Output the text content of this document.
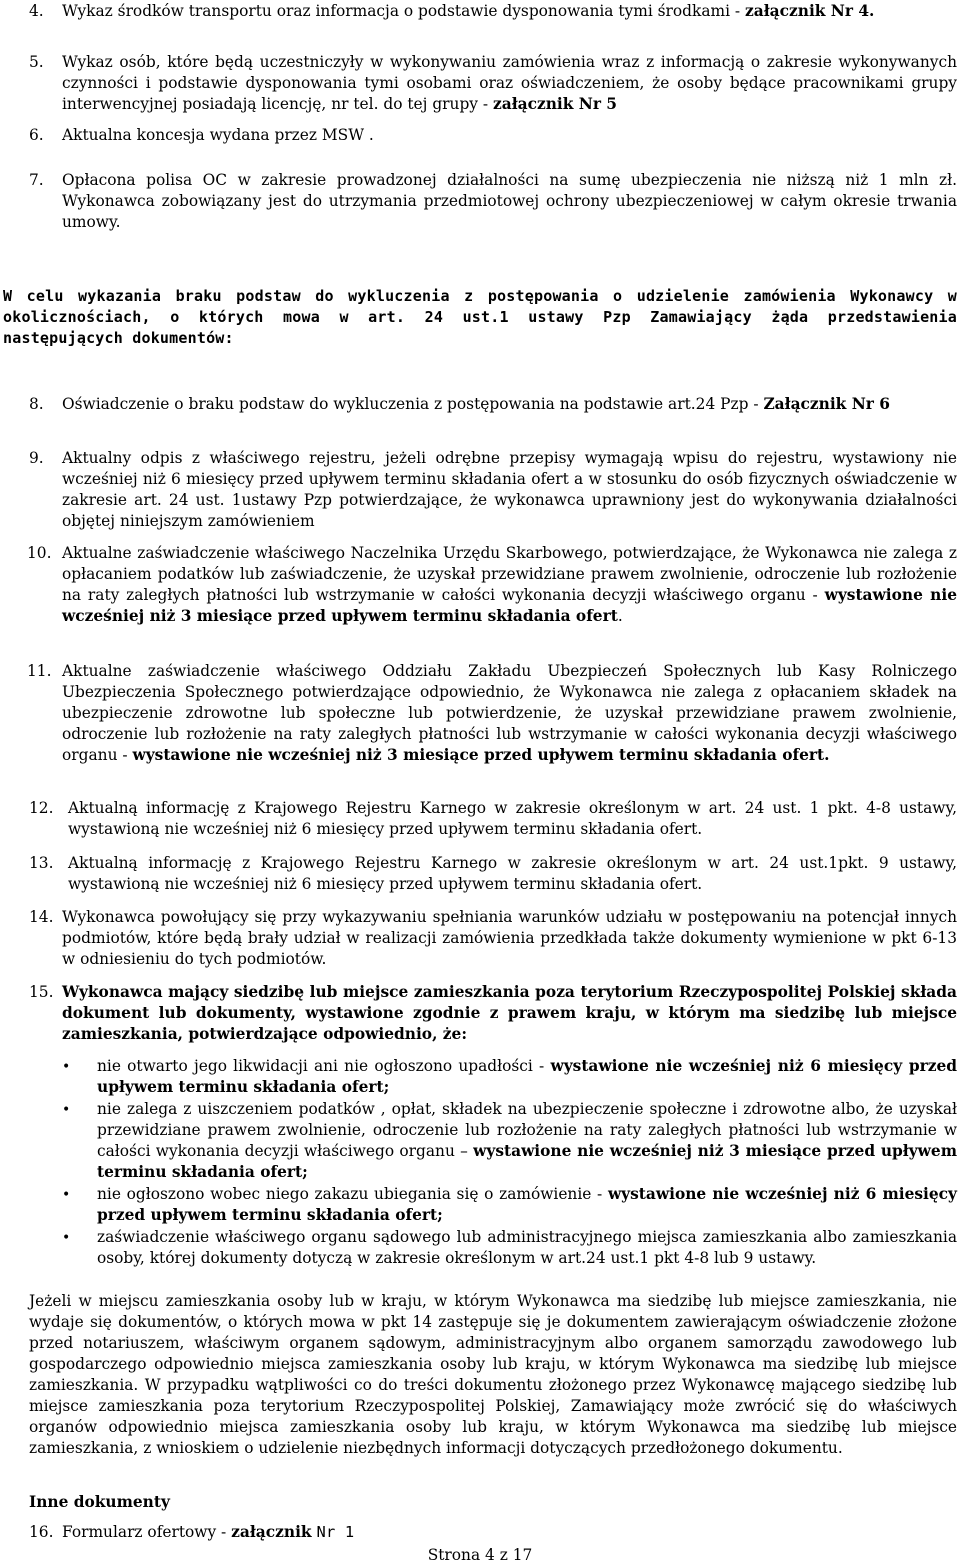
4. Wykaz środków transportu oraz informacja o podstawie dysponowania tymi środkami - załącznik Nr 4.
5. Wykaz osób, które będą uczestniczyły w wykonywaniu zamówienia wraz z informacją o zakresie wykonywanych czynności i podstawie dysponowania tymi osobami oraz oświadczeniem, że osoby będące pracownikami grupy interwencyjnej posiadają licencję, nr tel. do tej grupy - załącznik Nr 5
6. Aktualna koncesja wydana przez MSW .
7. Opłacona polisa OC w zakresie prowadzonej działalności na sumę ubezpieczenia nie niższą niż 1 mln zł. Wykonawca zobowiązany jest do utrzymania przedmiotowej ochrony ubezpieczeniowej w całym okresie trwania umowy.
W celu wykazania braku podstaw do wykluczenia z postępowania o udzielenie zamówienia Wykonawcy w okolicznościach, o których mowa w art. 24 ust.1 ustawy Pzp Zamawiający żąda przedstawienia następujących dokumentów:
8. Oświadczenie o braku podstaw do wykluczenia z postępowania na podstawie art.24 Pzp - Załącznik Nr 6
9. Aktualny odpis z właściwego rejestru, jeżeli odrębne przepisy wymagają wpisu do rejestru, wystawiony nie wcześniej niż 6 miesięcy przed upływem terminu składania ofert a w stosunku do osób fizycznych oświadczenie w zakresie art. 24 ust. 1ustawy Pzp potwierdzające, że wykonawca uprawniony jest do wykonywania działalności objętej niniejszym zamówieniem
10. Aktualne zaświadczenie właściwego Naczelnika Urzędu Skarbowego, potwierdzające, że Wykonawca nie zalega z opłacaniem podatków lub zaświadczenie, że uzyskał przewidziane prawem zwolnienie, odroczenie lub rozłożenie na raty zaległych płatności lub wstrzymanie w całości wykonania decyzji właściwego organu - wystawione nie wcześniej niż 3 miesiące przed upływem terminu składania ofert.
11. Aktualne zaświadczenie właściwego Oddziału Zakładu Ubezpieczeń Społecznych lub Kasy Rolniczego Ubezpieczenia Społecznego potwierdzające odpowiednio, że Wykonawca nie zalega z opłacaniem składek na ubezpieczenie zdrowotne lub społeczne lub potwierdzenie, że uzyskał przewidziane prawem zwolnienie, odroczenie lub rozłożenie na raty zaległych płatności lub wstrzymanie w całości wykonania decyzji właściwego organu - wystawione nie wcześniej niż 3 miesiące przed upływem terminu składania ofert.
12. Aktualną informację z Krajowego Rejestru Karnego w zakresie określonym w art. 24 ust. 1 pkt. 4-8 ustawy, wystawioną nie wcześniej niż 6 miesięcy przed upływem terminu składania ofert.
13. Aktualną informację z Krajowego Rejestru Karnego w zakresie określonym w art. 24 ust.1pkt. 9 ustawy, wystawioną nie wcześniej niż 6 miesięcy przed upływem terminu składania ofert.
14. Wykonawca powołujący się przy wykazywaniu spełniania warunków udziału w postępowaniu na potencjał innych podmiotów, które będą brały udział w realizacji zamówienia przedkłada także dokumenty wymienione w pkt 6-13 w odniesieniu do tych podmiotów.
15. Wykonawca mający siedzibę lub miejsce zamieszkania poza terytorium Rzeczypospolitej Polskiej składa dokument lub dokumenty, wystawione zgodnie z prawem kraju, w którym ma siedzibę lub miejsce zamieszkania, potwierdzające odpowiednio, że:
• nie otwarto jego likwidacji ani nie ogłoszono upadłości - wystawione nie wcześniej niż 6 miesięcy przed upływem terminu składania ofert;
• nie zalega z uiszczeniem podatków , opłat, składek na ubezpieczenie społeczne i zdrowotne albo, że uzyskał przewidziane prawem zwolnienie, odroczenie lub rozłożenie na raty zaległych płatności lub wstrzymanie w całości wykonania decyzji właściwego organu – wystawione nie wcześniej niż 3 miesiące przed upływem terminu składania ofert;
• nie ogłoszono wobec niego zakazu ubiegania się o zamówienie - wystawione nie wcześniej niż 6 miesięcy przed upływem terminu składania ofert;
• zaświadczenie właściwego organu sądowego lub administracyjnego miejsca zamieszkania albo zamieszkania osoby, której dokumenty dotyczą w zakresie określonym w art.24 ust.1 pkt 4-8 lub 9 ustawy.
Jeżeli w miejscu zamieszkania osoby lub w kraju, w którym Wykonawca ma siedzibę lub miejsce zamieszkania, nie wydaje się dokumentów, o których mowa w pkt 14 zastępuje się je dokumentem zawierającym oświadczenie złożone przed notariuszem, właściwym organem sądowym, administracyjnym albo organem samorządu zawodowego lub gospodarczego odpowiednio miejsca zamieszkania osoby lub kraju, w którym Wykonawca ma siedzibę lub miejsce zamieszkania. W przypadku wątpliwości co do treści dokumentu złożonego przez Wykonawcę mającego siedzibę lub miejsce zamieszkania poza terytorium Rzeczypospolitej Polskiej, Zamawiający może zwrócić się do właściwych organów odpowiednio miejsca zamieszkania osoby lub kraju, w którym Wykonawca ma siedzibę lub miejsce zamieszkania, z wnioskiem o udzielenie niezbędnych informacji dotyczących przedłożonego dokumentu.
Inne dokumenty
16. Formularz ofertowy - załącznik Nr 1
Strona 4 z 17
